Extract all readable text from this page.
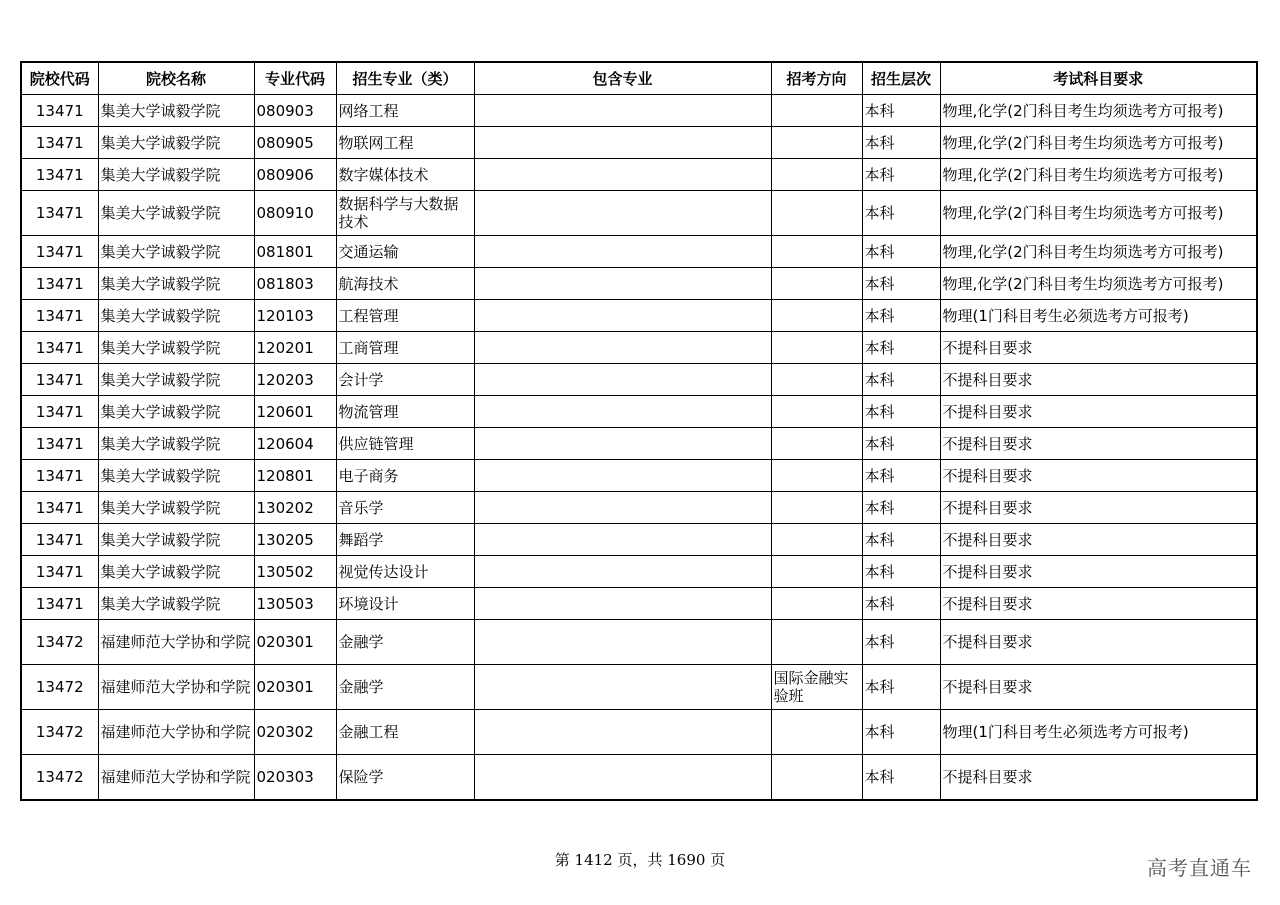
院校代码	院校名称	专业代码	招生专业（类）	包含专业	招考方向	招生层次	考试科目要求
13471	集美大学诚毅学院	080903	网络工程			本科	物理,化学(2门科目考生均须选考方可报考)
13471	集美大学诚毅学院	080905	物联网工程			本科	物理,化学(2门科目考生均须选考方可报考)
13471	集美大学诚毅学院	080906	数字媒体技术			本科	物理,化学(2门科目考生均须选考方可报考)
13471	集美大学诚毅学院	080910	数据科学与大数据技术			本科	物理,化学(2门科目考生均须选考方可报考)
13471	集美大学诚毅学院	081801	交通运输			本科	物理,化学(2门科目考生均须选考方可报考)
13471	集美大学诚毅学院	081803	航海技术			本科	物理,化学(2门科目考生均须选考方可报考)
13471	集美大学诚毅学院	120103	工程管理			本科	物理(1门科目考生必须选考方可报考)
13471	集美大学诚毅学院	120201	工商管理			本科	不提科目要求
13471	集美大学诚毅学院	120203	会计学			本科	不提科目要求
13471	集美大学诚毅学院	120601	物流管理			本科	不提科目要求
13471	集美大学诚毅学院	120604	供应链管理			本科	不提科目要求
13471	集美大学诚毅学院	120801	电子商务			本科	不提科目要求
13471	集美大学诚毅学院	130202	音乐学			本科	不提科目要求
13471	集美大学诚毅学院	130205	舞蹈学			本科	不提科目要求
13471	集美大学诚毅学院	130502	视觉传达设计			本科	不提科目要求
13471	集美大学诚毅学院	130503	环境设计			本科	不提科目要求
13472	福建师范大学协和学院	020301	金融学			本科	不提科目要求
13472	福建师范大学协和学院	020301	金融学		国际金融实验班	本科	不提科目要求
13472	福建师范大学协和学院	020302	金融工程			本科	物理(1门科目考生必须选考方可报考)
13472	福建师范大学协和学院	020303	保险学			本科	不提科目要求
第 1412 页，共 1690 页	高考直通车
